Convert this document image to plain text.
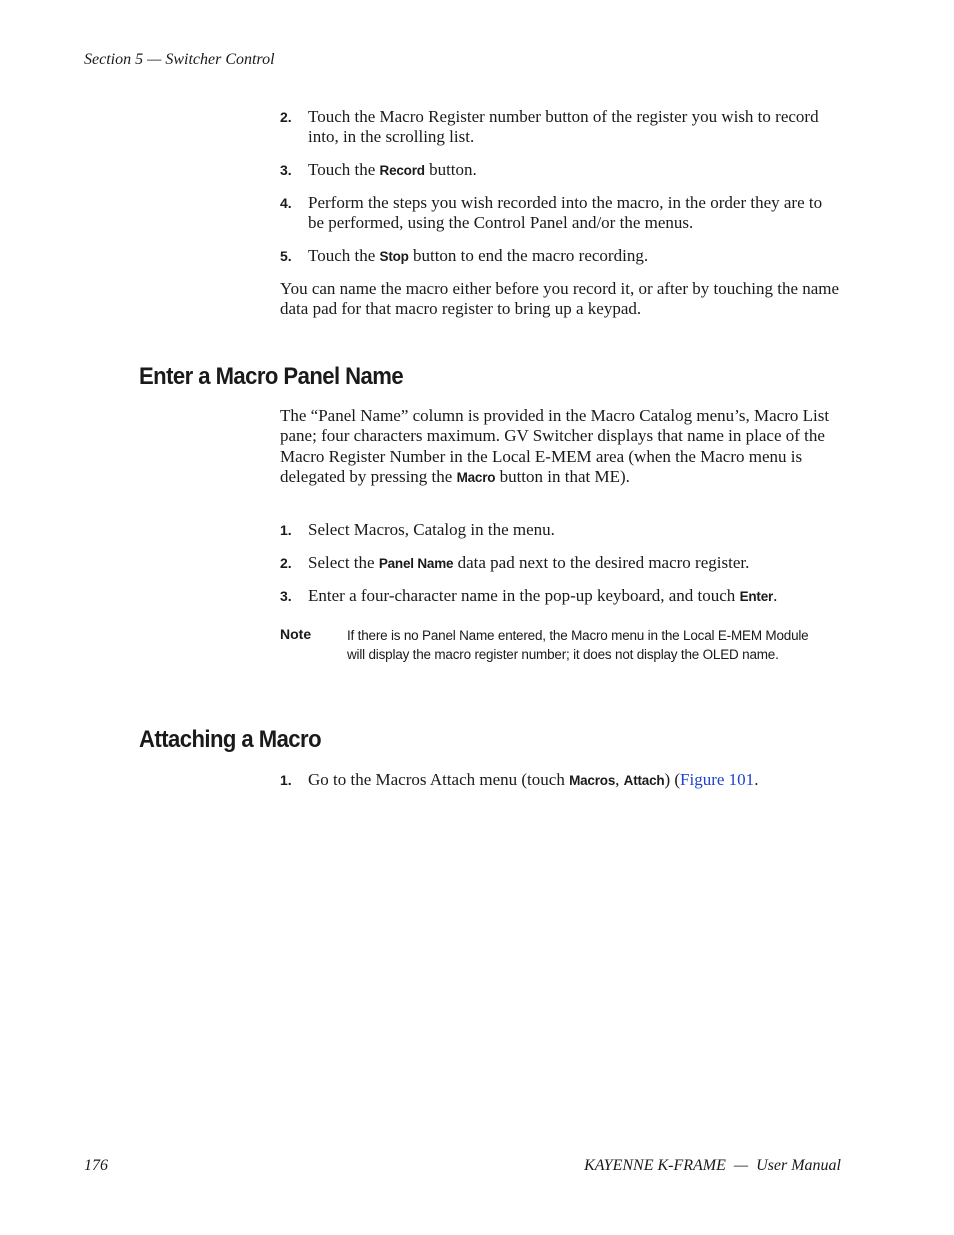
Section 5 — Switcher Control
2. Touch the Macro Register number button of the register you wish to record into, in the scrolling list.
3. Touch the Record button.
4. Perform the steps you wish recorded into the macro, in the order they are to be performed, using the Control Panel and/or the menus.
5. Touch the Stop button to end the macro recording.
You can name the macro either before you record it, or after by touching the name data pad for that macro register to bring up a keypad.
Enter a Macro Panel Name
The “Panel Name” column is provided in the Macro Catalog menu’s, Macro List pane; four characters maximum. GV Switcher displays that name in place of the Macro Register Number in the Local E-MEM area (when the Macro menu is delegated by pressing the Macro button in that ME).
1. Select Macros, Catalog in the menu.
2. Select the Panel Name data pad next to the desired macro register.
3. Enter a four-character name in the pop-up keyboard, and touch Enter.
Note	If there is no Panel Name entered, the Macro menu in the Local E-MEM Module will display the macro register number; it does not display the OLED name.
Attaching a Macro
1. Go to the Macros Attach menu (touch Macros, Attach) (Figure 101.
176	KAYENNE K-FRAME  —  User Manual
